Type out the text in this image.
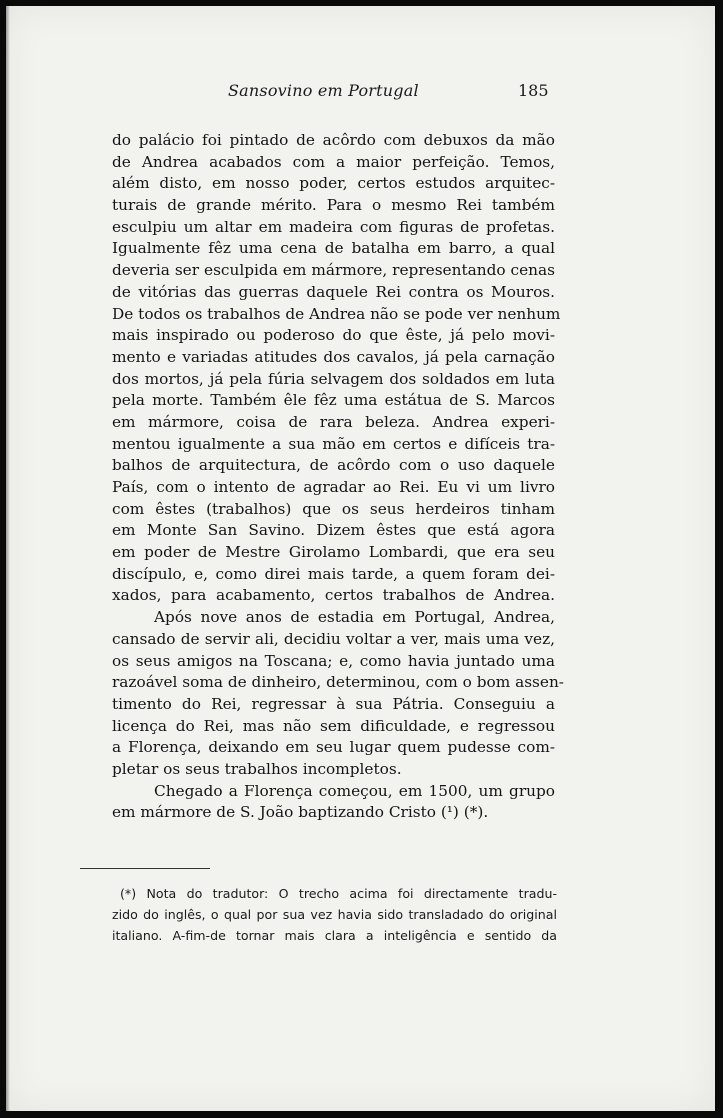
Sansovino em Portugal	185
do palácio foi pintado de acôrdo com debuxos da mão
de Andrea acabados com a maior perfeição. Temos,
além disto, em nosso poder, certos estudos arquitec-
turais de grande mérito. Para o mesmo Rei também
esculpiu um altar em madeira com figuras de profetas.
Igualmente fêz uma cena de batalha em barro, a qual
deveria ser esculpida em mármore, representando cenas
de vitórias das guerras daquele Rei contra os Mouros.
De todos os trabalhos de Andrea não se pode ver nenhum
mais inspirado ou poderoso do que êste, já pelo movi-
mento e variadas atitudes dos cavalos, já pela carnação
dos mortos, já pela fúria selvagem dos soldados em luta
pela morte. Também êle fêz uma estátua de S. Marcos
em mármore, coisa de rara beleza. Andrea experi-
mentou igualmente a sua mão em certos e difíceis tra-
balhos de arquitectura, de acôrdo com o uso daquele
País, com o intento de agradar ao Rei. Eu vi um livro
com êstes (trabalhos) que os seus herdeiros tinham
em Monte San Savino. Dizem êstes que está agora
em poder de Mestre Girolamo Lombardi, que era seu
discípulo, e, como direi mais tarde, a quem foram dei-
xados, para acabamento, certos trabalhos de Andrea.
Após nove anos de estadia em Portugal, Andrea,
cansado de servir ali, decidiu voltar a ver, mais uma vez,
os seus amigos na Toscana; e, como havia juntado uma
razoável soma de dinheiro, determinou, com o bom assen-
timento do Rei, regressar à sua Pátria. Conseguiu a
licença do Rei, mas não sem dificuldade, e regressou
a Florença, deixando em seu lugar quem pudesse com-
pletar os seus trabalhos incompletos.
Chegado a Florença começou, em 1500, um grupo
em mármore de S. João baptizando Cristo (¹) (*).
(*) Nota do tradutor: O trecho acima foi directamente tradu-
zido do inglês, o qual por sua vez havia sido transladado do original
italiano. A-fim-de tornar mais clara a inteligência e sentido da
